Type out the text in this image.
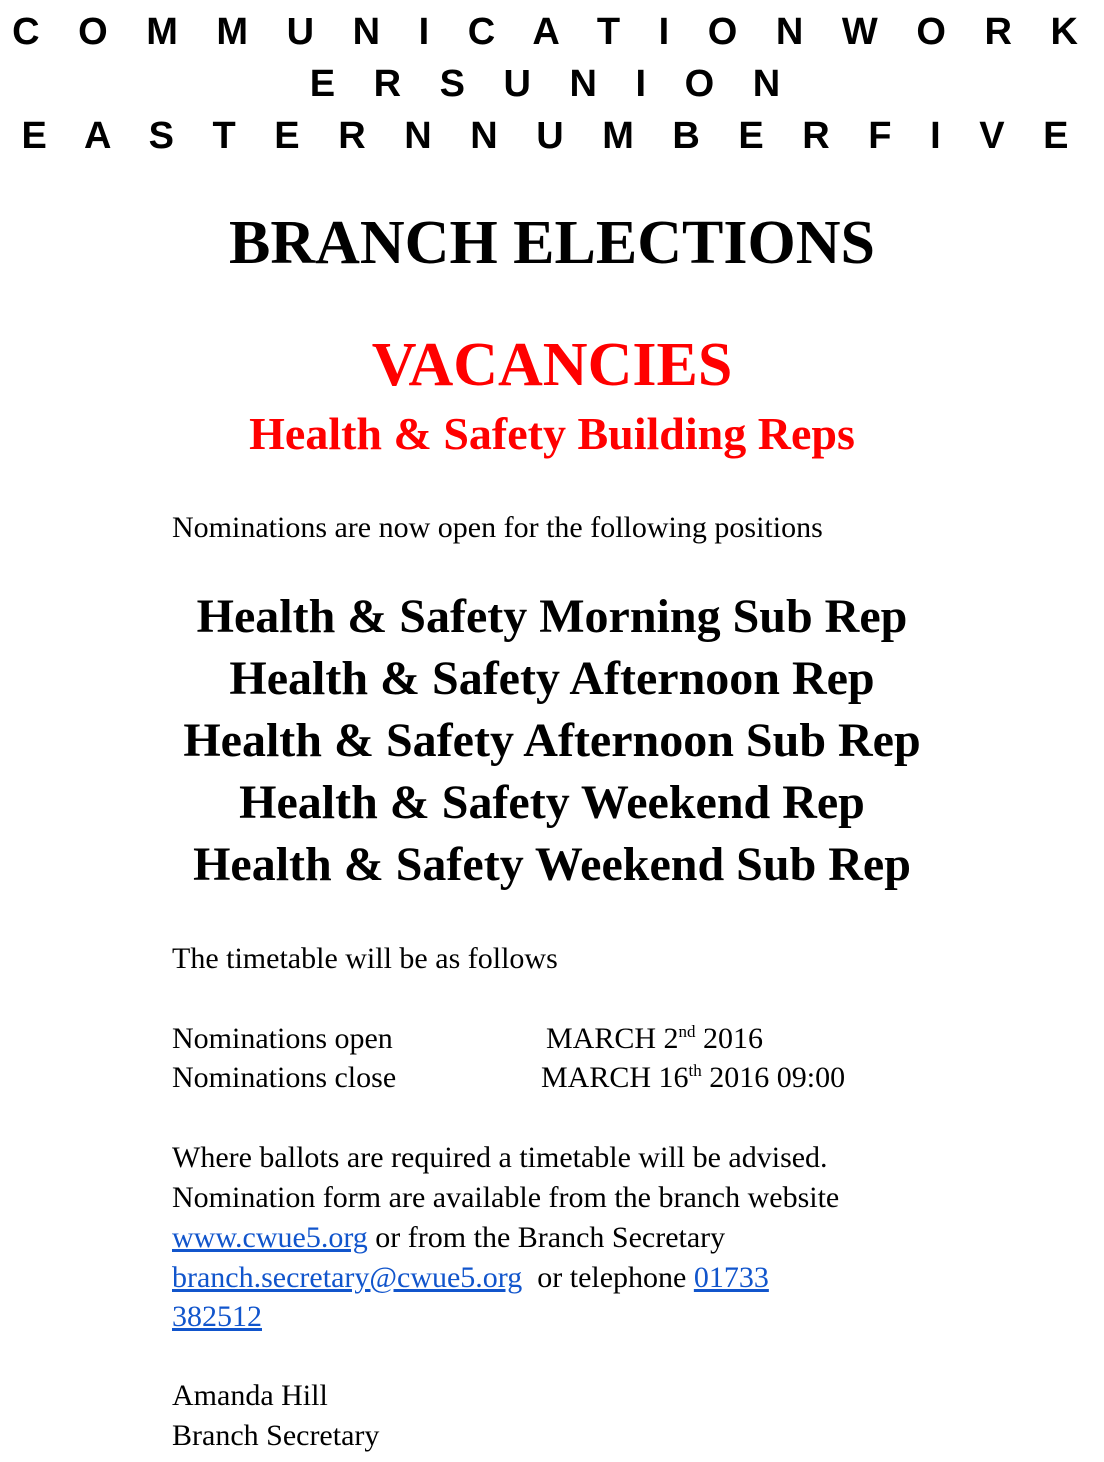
C O M M U N I C A T I O N W O R K
E R S U N I O N
E A S T E R N N U M B E R F I V E
BRANCH ELECTIONS
VACANCIES
Health & Safety Building Reps
Nominations are now open for the following positions
Health & Safety Morning Sub Rep
Health & Safety Afternoon Rep
Health & Safety Afternoon Sub Rep
Health & Safety Weekend Rep
Health & Safety Weekend Sub Rep
The timetable will be as follows
Nominations open	MARCH 2nd 2016
Nominations close	MARCH 16th 2016 09:00
Where ballots are required a timetable will be advised.
Nomination form are available from the branch website
www.cwue5.org or from the Branch Secretary
branch.secretary@cwue5.org  or telephone 01733
382512
Amanda Hill
Branch Secretary
